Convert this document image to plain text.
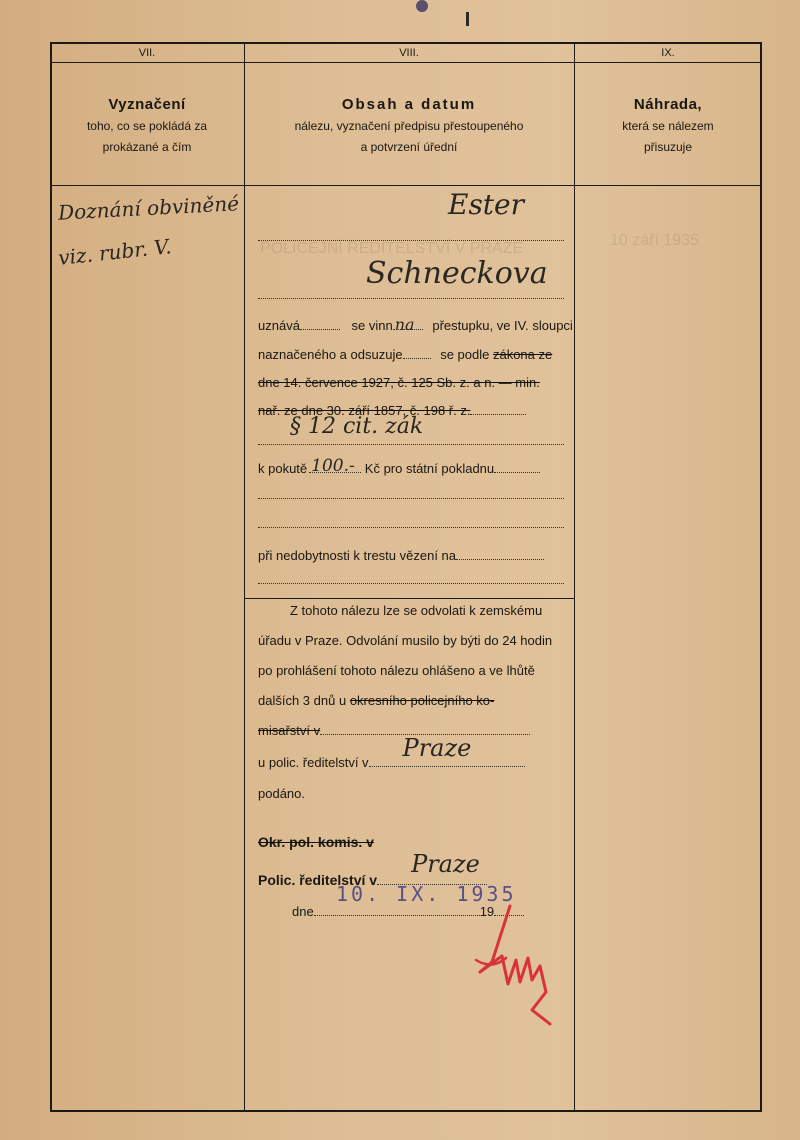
POLICEJNÍ ŘEDITELSTVÍ V PRAZE	10 září 1935
VII.	VIII.	IX.
Vyznačení
toho, co se pokládá za
prokázané a čím
Obsah a datum
nálezu, vyznačení předpisu přestoupeného
a potvrzení úřední
Náhrada,
která se nálezem
přisuzuje
Doznání obviněné
viz. rubr. V.
Ester
Schneckova
uznává	se vinn na přestupku, ve IV. sloupci
naznačeného a odsuzuje	se podle zákona ze
dne 14. července 1927, č. 125 Sb. z. a n. — min.
nař. ze dne 30. září 1857, č. 198 ř. z.
§ 12 cit. zák
k pokutě 100.- Kč pro státní pokladnu
při nedobytnosti k trestu vězení na
Z tohoto nálezu lze se odvolati k zemskému
úřadu v Praze. Odvolání musilo by býti do 24 hodin
po prohlášení tohoto nálezu ohlášeno a ve lhůtě
dalších 3 dnů u okresního policejního ko-
misařství v
u polic. ředitelství v
Praze
podáno.
Okr. pol. komis. v
Polic. ředitelství v
Praze
dne	19
10. IX. 1935
